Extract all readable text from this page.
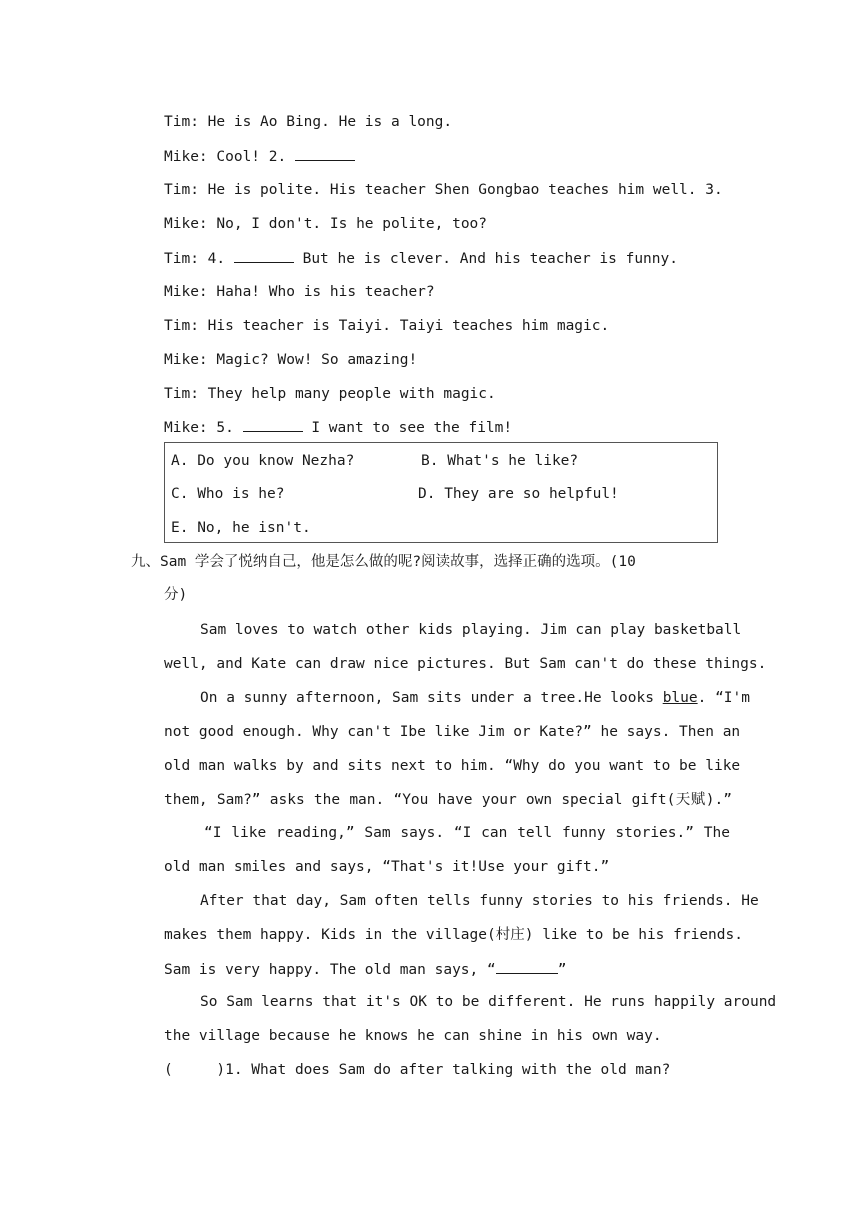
Tim: He is Ao Bing. He is a long.
Mike: Cool! 2.
Tim: He is polite. His teacher Shen Gongbao teaches him well. 3.
Mike: No, I don't. Is he polite, too?
Tim: 4.	But he is clever. And his teacher is funny.
Mike: Haha! Who is his teacher?
Tim: His teacher is Taiyi. Taiyi teaches him magic.
Mike: Magic? Wow! So amazing!
Tim: They help many people with magic.
Mike: 5.	I want to see the film!
A. Do you know Nezha?	B. What's he like?
C. Who is he?	D. They are so helpful!
E. No, he isn't.
九、Sam 学会了悦纳自己，他是怎么做的呢?阅读故事，选择正确的选项。(10
分)
Sam loves to watch other kids playing. Jim can play basketball
well, and Kate can draw nice pictures. But Sam can't do these things.
On a sunny afternoon, Sam sits under a tree.He looks blue. “I'm
not good enough. Why can't Ibe like Jim or Kate?” he says. Then an
old man walks by and sits next to him. “Why do you want to be like
them, Sam?” asks the man. “You have your own special gift(天赋).”
“I like reading,” Sam says. “I can tell funny stories.” The
old man smiles and says, “That's it!Use your gift.”
After that day, Sam often tells funny stories to his friends. He
makes them happy. Kids in the village(村庄) like to be his friends.
Sam is very happy. The old man says, “	”
So Sam learns that it's OK to be different. He runs happily around
the village because he knows he can shine in his own way.
(     )1. What does Sam do after talking with the old man?
